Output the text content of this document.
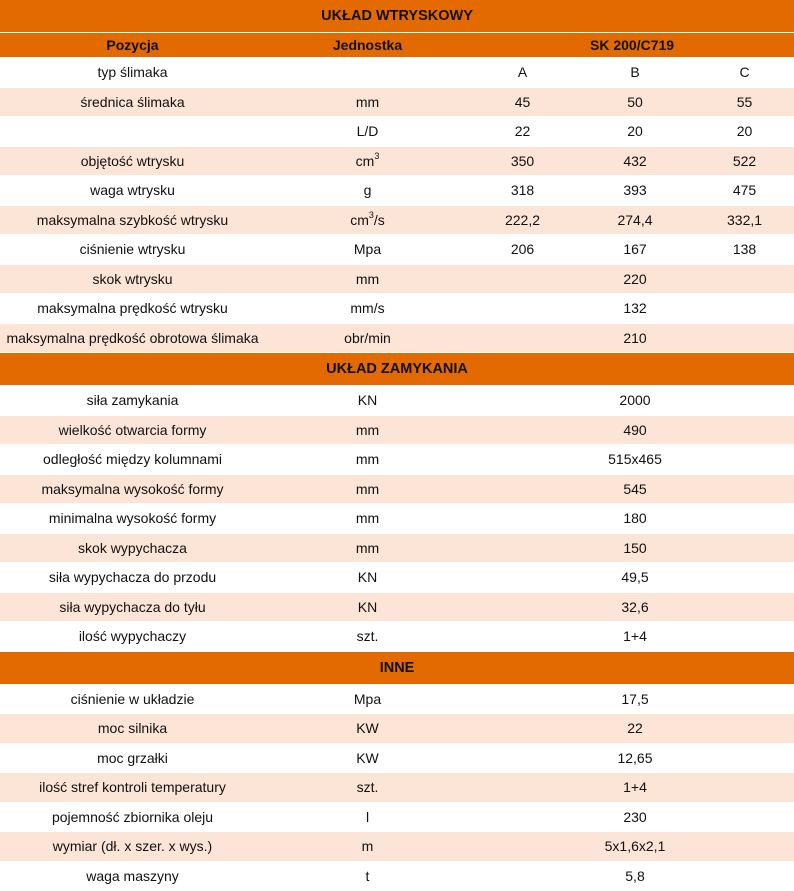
UKŁAD WTRYSKOWY				
Pozycja	Jednostka	SK 200/C719		
typ ślimaka		A	B	C
średnica ślimaka	mm	45	50	55
	L/D	22	20	20
objętość wtrysku	$cm^3$	350	432	522
waga wtrysku	g	318	393	475
maksymalna szybkość wtrysku	$cm^3/s$	222,2	274,4	332,1
ciśnienie wtrysku	Mpa	206	167	138
skok wtrysku	mm		220	
maksymalna prędkość wtrysku	mm/s		132	
maksymalna prędkość obrotowa ślimaka	obr/min		210	
UKŁAD ZAMYKANIA				
siła zamykania	KN		2000	
wielkość otwarcia formy	mm		490	
odległość między kolumnami	mm		515x465	
maksymalna wysokość formy	mm		545	
minimalna wysokość formy	mm		180	
skok wypychacza	mm		150	
siła wypychacza do przodu	KN		49,5	
siła wypychacza do tyłu	KN		32,6	
ilość wypychaczy	szt.		1+4	
INNE				
ciśnienie w układzie	Mpa		17,5	
moc silnika	KW		22	
moc grzałki	KW		12,65	
ilość stref kontroli temperatury	szt.		1+4	
pojemność zbiornika oleju	l		230	
wymiar (dł. x szer. x wys.)	m		5x1,6x2,1	
waga maszyny	t		5,8	
